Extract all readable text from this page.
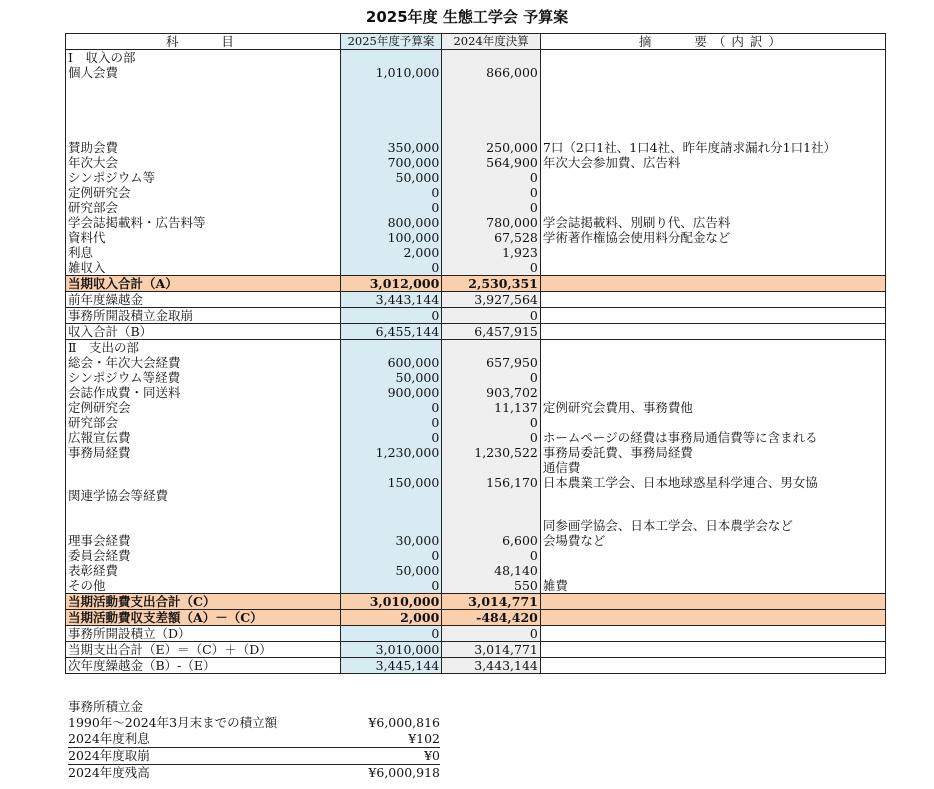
2025年度 生態工学会 予算案
科　　目	2025年度予算案	2024年度決算	摘　　要（内訳）
Ⅰ　収入の部			
個人会費	1,010,000	866,000	

賛助会費	350,000	250,000	7口（2口1社、1口4社、昨年度請求漏れ分1口1社）
年次大会	700,000	564,900	年次大会参加費、広告料
シンポジウム等	50,000	0	
定例研究会	0	0	
研究部会	0	0	
学会誌掲載料・広告料等	800,000	780,000	学会誌掲載料、別刷り代、広告料
資料代	100,000	67,528	学術著作権協会使用料分配金など
利息	2,000	1,923	
雑収入	0	0	
当期収入合計（A）	3,012,000	2,530,351	
前年度繰越金	3,443,144	3,927,564	
事務所開設積立金取崩	0	0	
収入合計（B）	6,455,144	6,457,915	
Ⅱ　支出の部			
総会・年次大会経費	600,000	657,950	
シンポジウム等経費	50,000	0	
会誌作成費・同送料	900,000	903,702	
定例研究会	0	11,137	定例研究会費用、事務費他
研究部会	0	0	
広報宣伝費	0	0	ホームページの経費は事務局通信費等に含まれる
事務局経費	1,230,000	1,230,522	事務局委託費、事務局経費
			通信費
関連学協会等経費	150,000	156,170	日本農業工学会、日本地球惑星科学連合、男女協
			同参画学協会、日本工学会、日本農学会など
理事会経費	30,000	6,600	会場費など
委員会経費	0	0	
表彰経費	50,000	48,140	
その他	0	550	雑費
当期活動費支出合計（C）	3,010,000	3,014,771	
当期活動費収支差額（A）－（C）	2,000	-484,420	
事務所開設積立（D）	0	0	
当期支出合計（E）＝（C）＋（D）	3,010,000	3,014,771	
次年度繰越金（B）-（E）	3,445,144	3,443,144	
事務所積立金
1990年～2024年3月末までの積立額	¥6,000,816
2024年度利息	¥102
2024年度取崩	¥0
2024年度残高	¥6,000,918
